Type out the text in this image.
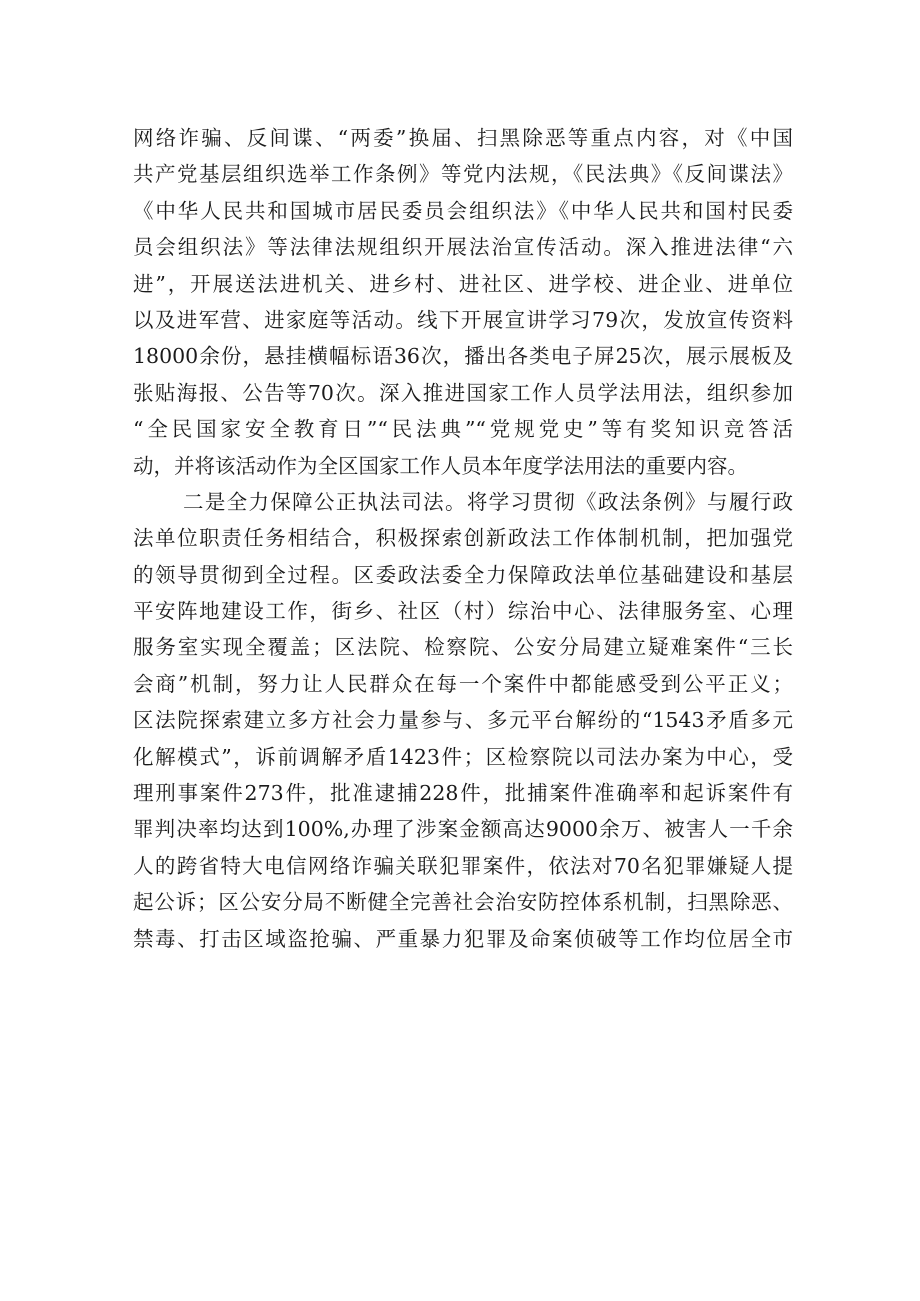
网络诈骗、反间谍、“两委”换届、扫黑除恶等重点内容，对《中国
共产党基层组织选举工作条例》等党内法规，《民法典》《反间谍法》
《中华人民共和国城市居民委员会组织法》《中华人民共和国村民委
员会组织法》等法律法规组织开展法治宣传活动。深入推进法律“六
进”，开展送法进机关、进乡村、进社区、进学校、进企业、进单位
以及进军营、进家庭等活动。线下开展宣讲学习79次，发放宣传资料
18000余份，悬挂横幅标语36次，播出各类电子屏25次，展示展板及
张贴海报、公告等70次。深入推进国家工作人员学法用法，组织参加
“全民国家安全教育日”“民法典”“党规党史”等有奖知识竞答活
动，并将该活动作为全区国家工作人员本年度学法用法的重要内容。
二是全力保障公正执法司法。将学习贯彻《政法条例》与履行政
法单位职责任务相结合，积极探索创新政法工作体制机制，把加强党
的领导贯彻到全过程。区委政法委全力保障政法单位基础建设和基层
平安阵地建设工作，街乡、社区（村）综治中心、法律服务室、心理
服务室实现全覆盖；区法院、检察院、公安分局建立疑难案件“三长
会商”机制，努力让人民群众在每一个案件中都能感受到公平正义；
区法院探索建立多方社会力量参与、多元平台解纷的“1543矛盾多元
化解模式”，诉前调解矛盾1423件；区检察院以司法办案为中心，受
理刑事案件273件，批准逮捕228件，批捕案件准确率和起诉案件有
罪判决率均达到100%,办理了涉案金额高达9000余万、被害人一千余
人的跨省特大电信网络诈骗关联犯罪案件，依法对70名犯罪嫌疑人提
起公诉；区公安分局不断健全完善社会治安防控体系机制，扫黑除恶、
禁毒、打击区域盗抢骗、严重暴力犯罪及命案侦破等工作均位居全市
